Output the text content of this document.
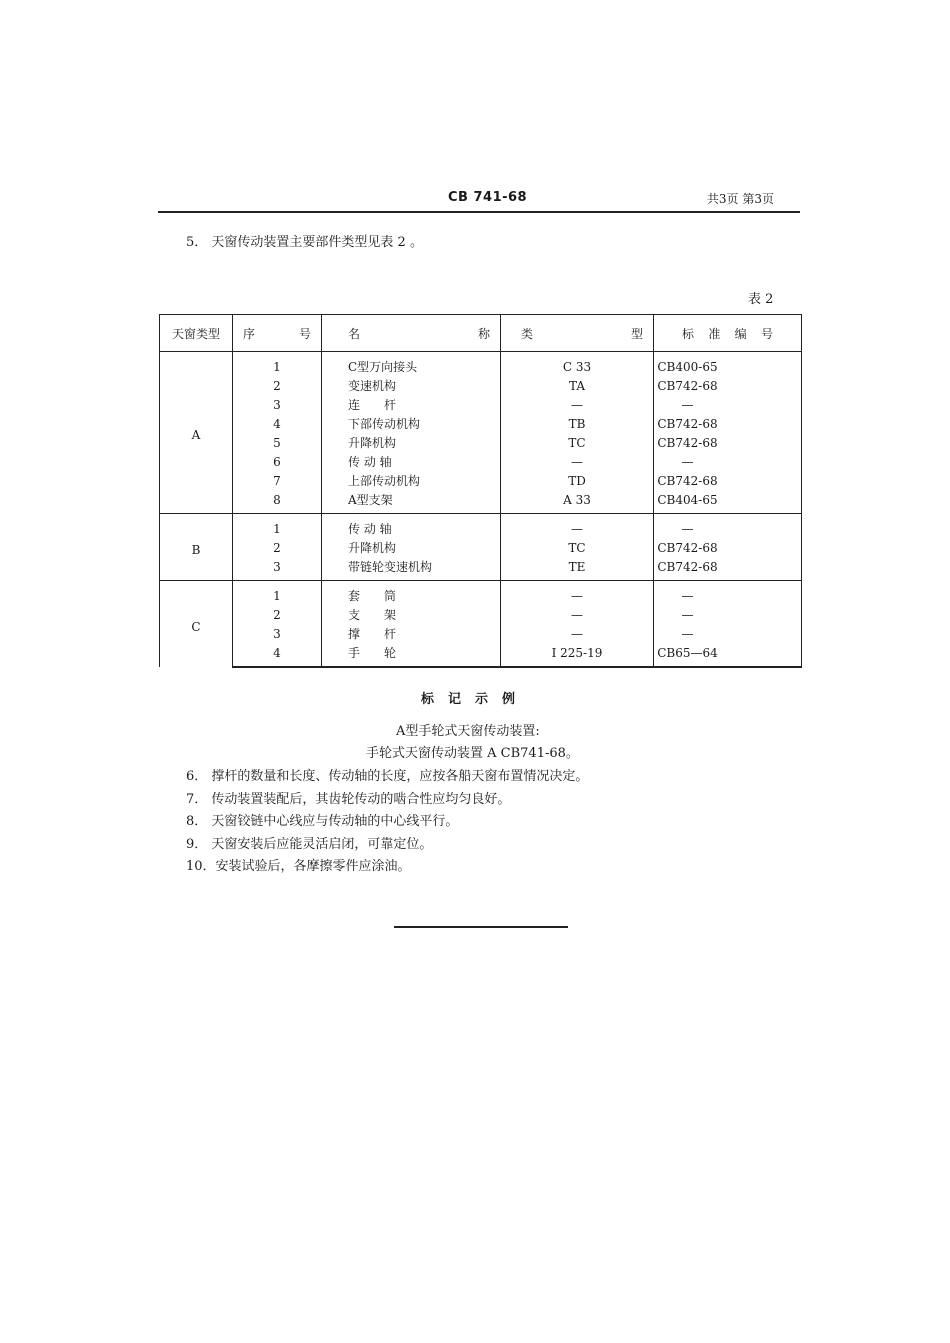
CB 741-68	共3页 第3页
5． 天窗传动装置主要部件类型见表 2 。
表 2
天窗类型	序 号	名 称	类 型	标 准 编 号

A	1	C型万向接头	C 33	CB400-65
	2	变速机构	TA	CB742-68
	3	连　　杆	—	—
	4	下部传动机构	TB	CB742-68
	5	升降机构	TC	CB742-68
	6	传 动 轴	—	—
	7	上部传动机构	TD	CB742-68
	8	A型支架	A 33	CB404-65
B	1	传 动 轴	—	—
	2	升降机构	TC	CB742-68
	3	带链轮变速机构	TE	CB742-68
C	1	套　　筒	—	—
	2	支　　架	—	—
	3	撑　　杆	—	—
	4	手　　轮	I 225-19	CB65—64
标记示例
A型手轮式天窗传动装置:
手轮式天窗传动装置 A CB741-68。
6． 撑杆的数量和长度、传动轴的长度，应按各船天窗布置情况决定。
7． 传动装置装配后，其齿轮传动的啮合性应均匀良好。
8． 天窗铰链中心线应与传动轴的中心线平行。
9． 天窗安装后应能灵活启闭，可靠定位。
10．安装试验后，各摩擦零件应涂油。
